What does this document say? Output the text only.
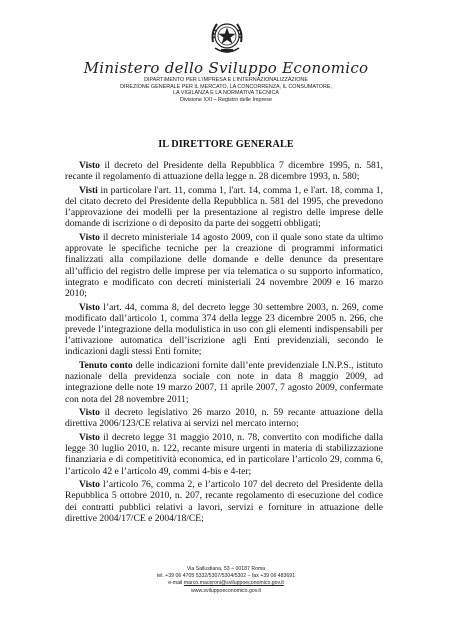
Ministero dello Sviluppo Economico
DIPARTIMENTO PER L’IMPRESA E L’INTERNAZIONALIZZAZIONE
DIREZIONE GENERALE PER IL MERCATO, LA CONCORRENZA, IL CONSUMATORE,
LA VIGILANZA E LA NORMATIVA TECNICA
Divisione XXI – Registro delle Imprese
IL DIRETTORE GENERALE

Visto il decreto del Presidente della Repubblica 7 dicembre 1995, n. 581, recante il regolamento di attuazione della legge n. 28 dicembre 1993, n. 580;

Visti in particolare l'art. 11, comma 1, l'art. 14, comma 1, e l'art. 18, comma 1, del citato decreto del Presidente della Repubblica n. 581 del 1995, che prevedono l’approvazione dei modelli per la presentazione al registro delle imprese delle domande di iscrizione o di deposito da parte dei soggetti obbligati;

Visto il decreto ministeriale 14 agosto 2009, con il quale sono state da ultimo approvate le specifiche tecniche per la creazione di programmi informatici finalizzati alla compilazione delle domande e delle denunce da presentare all’ufficio del registro delle imprese per via telematica o su supporto informatico, integrato e modificato con decreti ministeriali 24 novembre 2009 e 16 marzo 2010;

Visto l’art. 44, comma 8, del decreto legge 30 settembre 2003, n. 269, come modificato dall’articolo 1, comma 374 della legge 23 dicembre 2005 n. 266, che prevede l’integrazione della modulistica in uso con gli elementi indispensabili per l’attivazione automatica dell’iscrizione agli Enti previdenziali, secondo le indicazioni dagli stessi Enti fornite;

Tenuto conto delle indicazioni fornite dall’ente previdenziale I.N.P.S., istituto nazionale della previdenza sociale con note in data 8 maggio 2009, ad integrazione delle note 19 marzo 2007, 11 aprile 2007, 7 agosto 2009, confermate con nota del 28 novembre 2011;

Visto il decreto legislativo 26 marzo 2010, n. 59 recante attuazione della direttiva 2006/123/CE relativa ai servizi nel mercato interno;

Visto il decreto legge 31 maggio 2010, n. 78, convertito con modifiche dalla legge 30 luglio 2010, n. 122, recante misure urgenti in materia di stabilizzazione finanziaria e di competitività economica, ed in particolare l’articolo 29, comma 6, l’articolo 42 e l’articolo 49, commi 4-bis e 4-ter;

Visto l’articolo 76, comma 2, e l’articolo 107 del decreto del Presidente della Repubblica 5 ottobre 2010, n. 207, recante regolamento di esecuzione del codice dei contratti pubblici relativi a lavori, servizi e forniture in attuazione delle direttive 2004/17/CE e 2004/18/CE;

Via Sallustiana, 53 – 00187 Roma
tel. +39 06 4705 5332/5307/5304/5302 – fax +39 06 483691
e-mail marco.maceroni@sviluppoeconomico.gov.it
www.sviluppoeconomico.gov.it
